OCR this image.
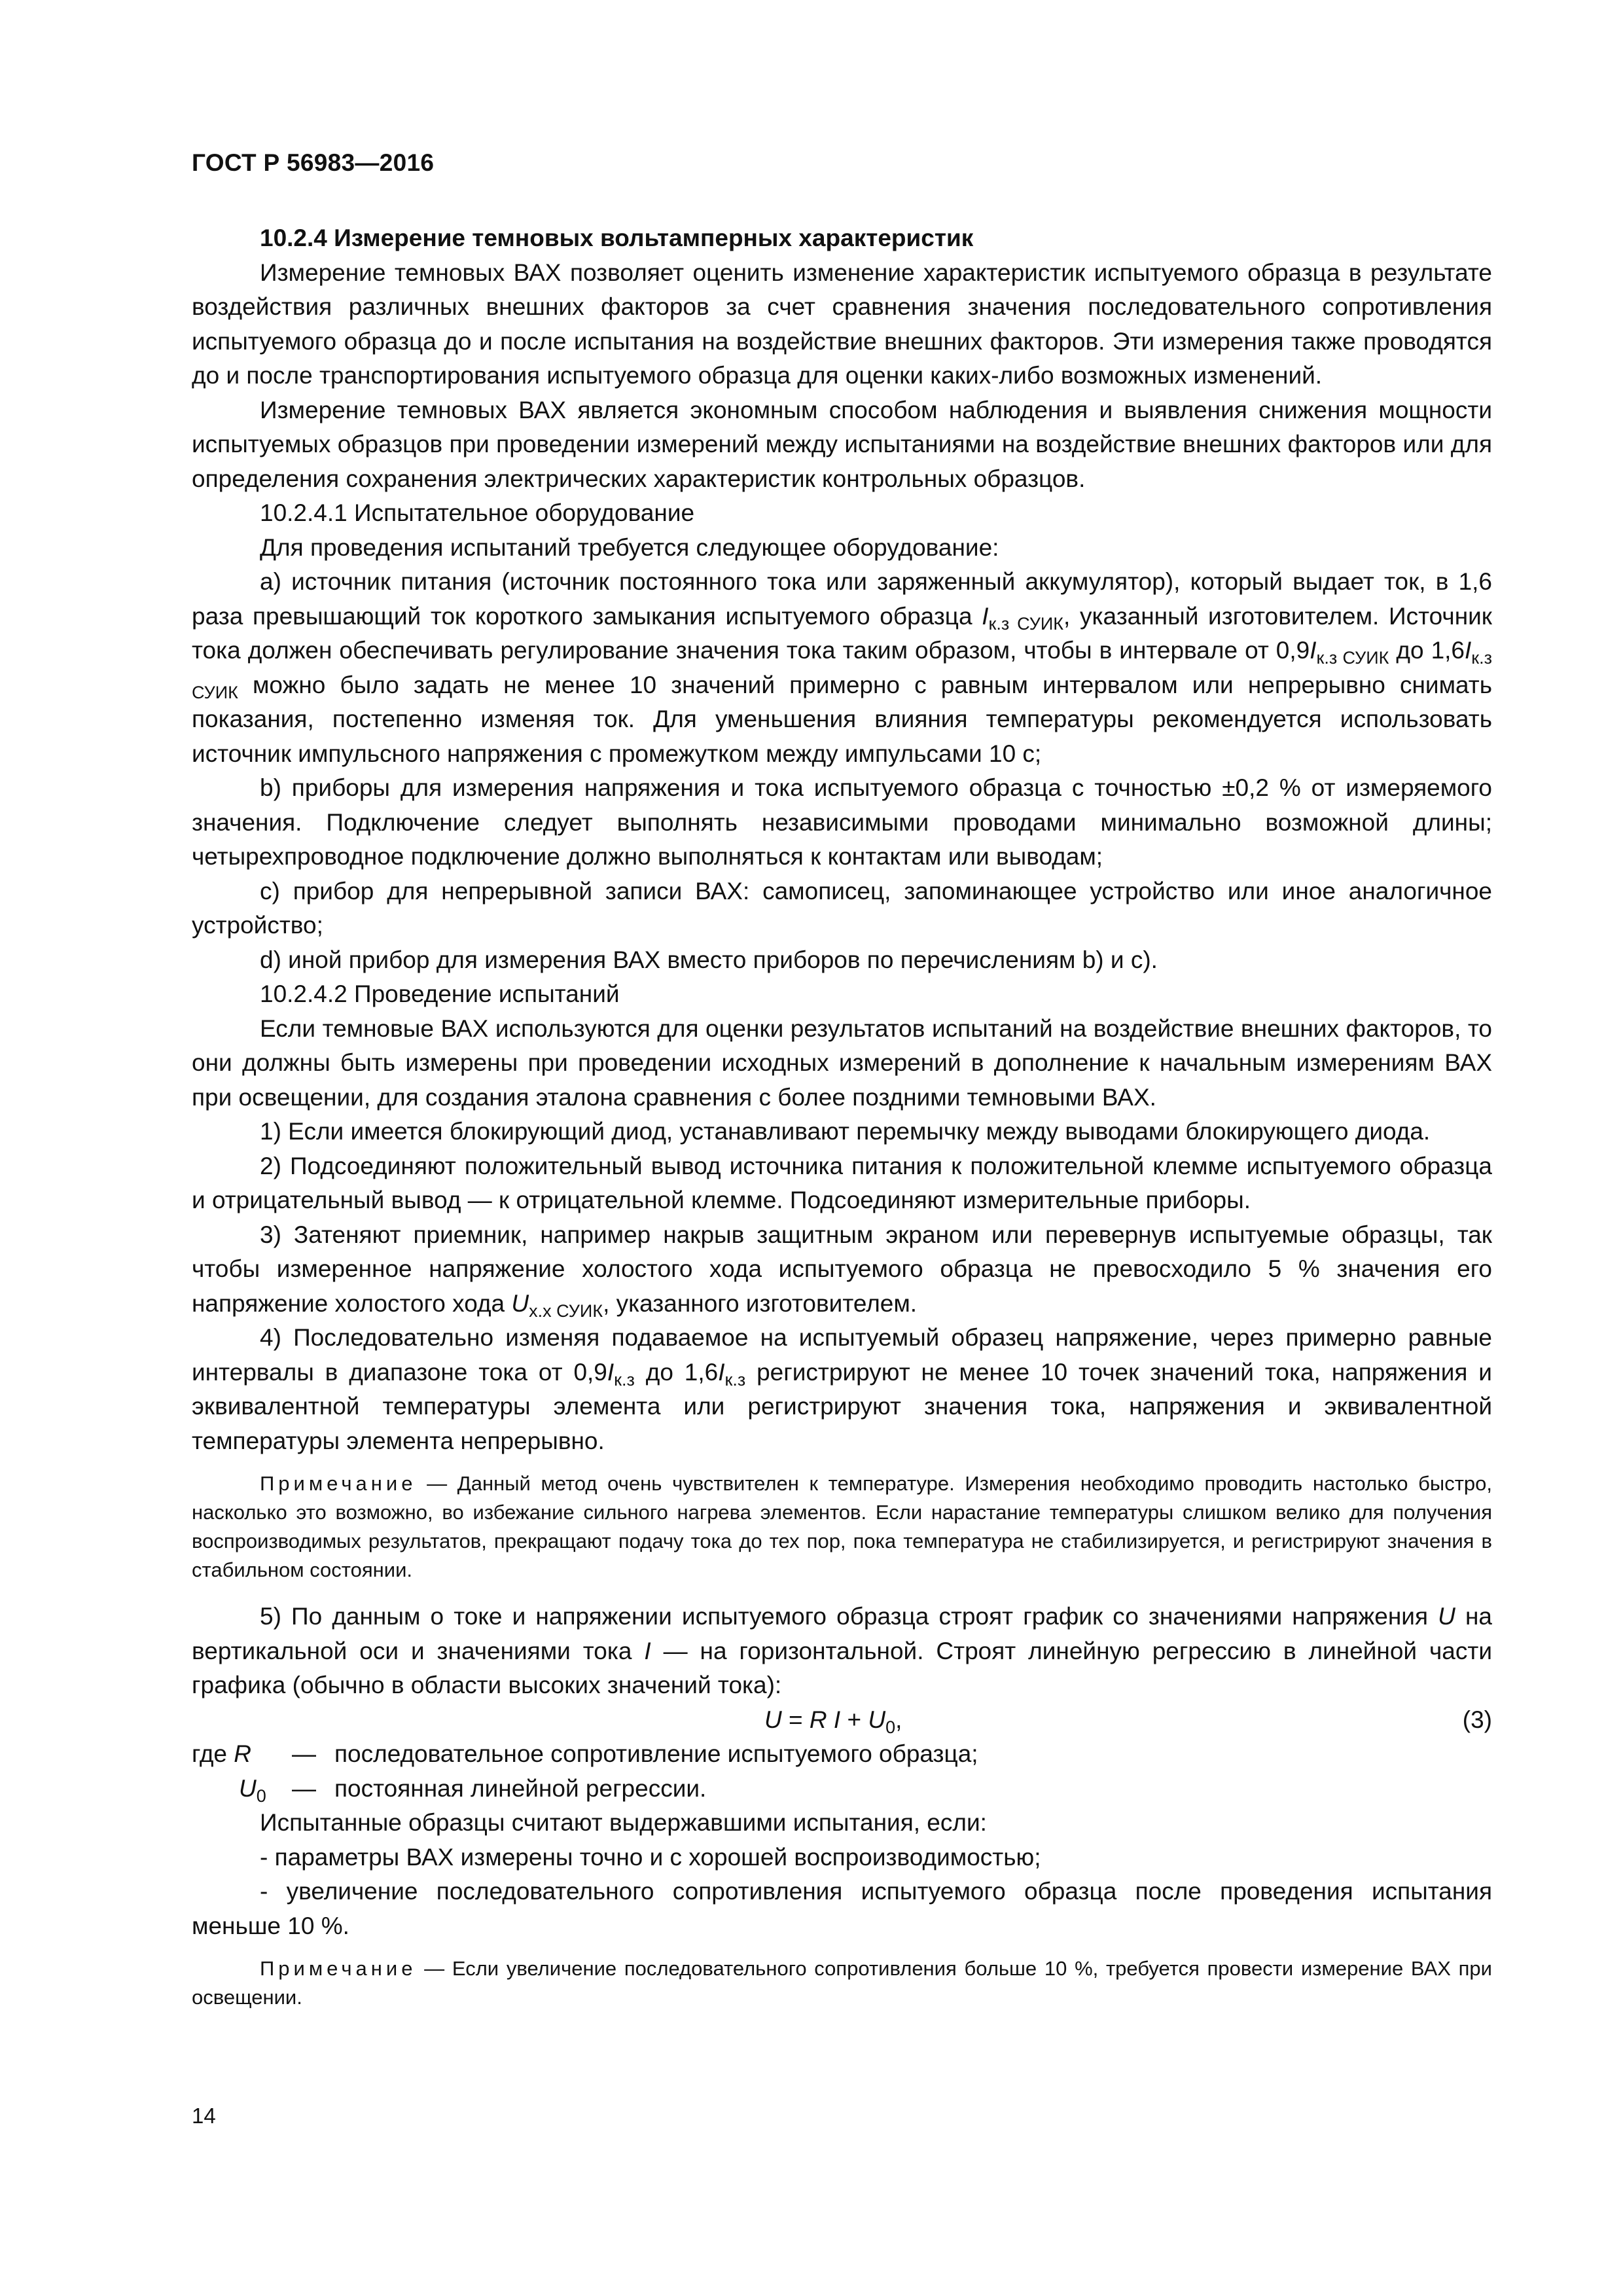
ГОСТ Р 56983—2016
10.2.4 Измерение темновых вольтамперных характеристик

Измерение темновых ВАХ позволяет оценить изменение характеристик испытуемого образца в результате воздействия различных внешних факторов за счет сравнения значения последовательного сопротивления испытуемого образца до и после испытания на воздействие внешних факторов. Эти измерения также проводятся до и после транспортирования испытуемого образца для оценки каких-либо возможных изменений.

Измерение темновых ВАХ является экономным способом наблюдения и выявления снижения мощности испытуемых образцов при проведении измерений между испытаниями на воздействие внешних факторов или для определения сохранения электрических характеристик контрольных образцов.

10.2.4.1 Испытательное оборудование

Для проведения испытаний требуется следующее оборудование:

a) источник питания (источник постоянного тока или заряженный аккумулятор), который выдает ток, в 1,6 раза превышающий ток короткого замыкания испытуемого образца $I_{к.з СУИК}$, указанный изготовителем. Источник тока должен обеспечивать регулирование значения тока таким образом, чтобы в интервале от $0,9I_{к.з СУИК}$ до $1,6I_{к.з СУИК}$ можно было задать не менее 10 значений примерно с равным интервалом или непрерывно снимать показания, постепенно изменяя ток. Для уменьшения влияния температуры рекомендуется использовать источник импульсного напряжения с промежутком между импульсами 10 с;

b) приборы для измерения напряжения и тока испытуемого образца с точностью ±0,2 % от измеряемого значения. Подключение следует выполнять независимыми проводами минимально возможной длины; четырехпроводное подключение должно выполняться к контактам или выводам;

c) прибор для непрерывной записи ВАХ: самописец, запоминающее устройство или иное аналогичное устройство;

d) иной прибор для измерения ВАХ вместо приборов по перечислениям b) и c).

10.2.4.2 Проведение испытаний

Если темновые ВАХ используются для оценки результатов испытаний на воздействие внешних факторов, то они должны быть измерены при проведении исходных измерений в дополнение к начальным измерениям ВАХ при освещении, для создания эталона сравнения с более поздними темновыми ВАХ.

1) Если имеется блокирующий диод, устанавливают перемычку между выводами блокирующего диода.

2) Подсоединяют положительный вывод источника питания к положительной клемме испытуемого образца и отрицательный вывод — к отрицательной клемме. Подсоединяют измерительные приборы.

3) Затеняют приемник, например накрыв защитным экраном или перевернув испытуемые образцы, так чтобы измеренное напряжение холостого хода испытуемого образца не превосходило 5 % значения его напряжение холостого хода $U_{х.х СУИК}$, указанного изготовителем.

4) Последовательно изменяя подаваемое на испытуемый образец напряжение, через примерно равные интервалы в диапазоне тока от $0,9I_{к.з}$ до $1,6I_{к.з}$ регистрируют не менее 10 точек значений тока, напряжения и эквивалентной температуры элемента или регистрируют значения тока, напряжения и эквивалентной температуры элемента непрерывно.

Примечание — Данный метод очень чувствителен к температуре. Измерения необходимо проводить настолько быстро, насколько это возможно, во избежание сильного нагрева элементов. Если нарастание температуры слишком велико для получения воспроизводимых результатов, прекращают подачу тока до тех пор, пока температура не стабилизируется, и регистрируют значения в стабильном состоянии.

5) По данным о токе и напряжении испытуемого образца строят график со значениями напряжения U на вертикальной оси и значениями тока I — на горизонтальной. Строят линейную регрессию в линейной части графика (обычно в области высоких значений тока):

U = R $I + U_0$,	(3)
где R — последовательное сопротивление испытуемого образца;
$U_0$ — постоянная линейной регрессии.

Испытанные образцы считают выдержавшими испытания, если:

- параметры ВАХ измерены точно и с хорошей воспроизводимостью;

- увеличение последовательного сопротивления испытуемого образца после проведения испытания меньше 10 %.

Примечание — Если увеличение последовательного сопротивления больше 10 %, требуется провести измерение ВАХ при освещении.

14
